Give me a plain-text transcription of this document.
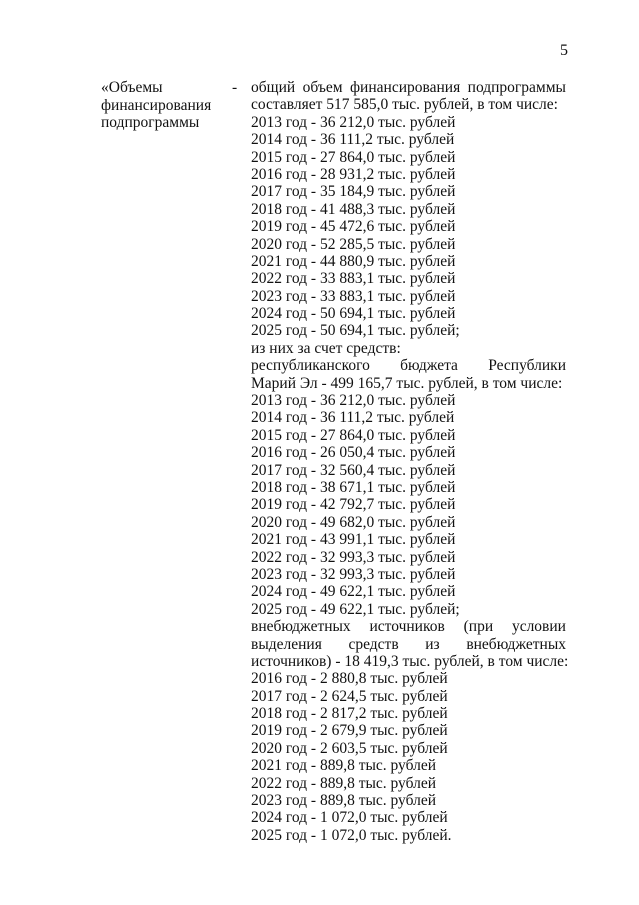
5
«Объемы
финансирования
подпрограммы
- общий объем финансирования подпрограммы
составляет 517 585,0 тыс. рублей, в том числе:
2013 год - 36 212,0 тыс. рублей
2014 год - 36 111,2 тыс. рублей
2015 год - 27 864,0 тыс. рублей
2016 год - 28 931,2 тыс. рублей
2017 год - 35 184,9 тыс. рублей
2018 год - 41 488,3 тыс. рублей
2019 год - 45 472,6 тыс. рублей
2020 год - 52 285,5 тыс. рублей
2021 год - 44 880,9 тыс. рублей
2022 год - 33 883,1 тыс. рублей
2023 год - 33 883,1 тыс. рублей
2024 год - 50 694,1 тыс. рублей
2025 год - 50 694,1 тыс. рублей;
из них за счет средств:
республиканского бюджета Республики
Марий Эл - 499 165,7 тыс. рублей, в том числе:
2013 год - 36 212,0 тыс. рублей
2014 год - 36 111,2 тыс. рублей
2015 год - 27 864,0 тыс. рублей
2016 год - 26 050,4 тыс. рублей
2017 год - 32 560,4 тыс. рублей
2018 год - 38 671,1 тыс. рублей
2019 год - 42 792,7 тыс. рублей
2020 год - 49 682,0 тыс. рублей
2021 год - 43 991,1 тыс. рублей
2022 год - 32 993,3 тыс. рублей
2023 год - 32 993,3 тыс. рублей
2024 год - 49 622,1 тыс. рублей
2025 год - 49 622,1 тыс. рублей;
внебюджетных источников (при условии
выделения средств из внебюджетных
источников) - 18 419,3 тыс. рублей, в том числе:
2016 год - 2 880,8 тыс. рублей
2017 год - 2 624,5 тыс. рублей
2018 год - 2 817,2 тыс. рублей
2019 год - 2 679,9 тыс. рублей
2020 год - 2 603,5 тыс. рублей
2021 год - 889,8 тыс. рублей
2022 год - 889,8 тыс. рублей
2023 год - 889,8 тыс. рублей
2024 год - 1 072,0 тыс. рублей
2025 год - 1 072,0 тыс. рублей.
